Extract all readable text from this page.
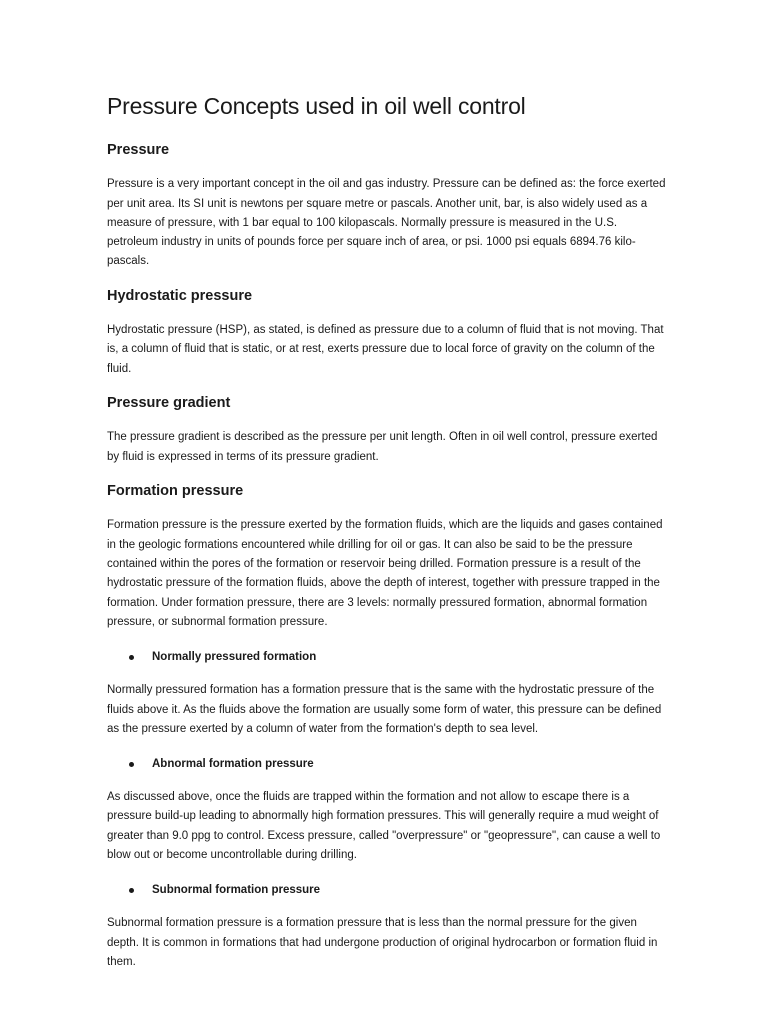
Pressure Concepts used in oil well control
Pressure

Pressure is a very important concept in the oil and gas industry. Pressure can be defined as: the force exerted per unit area. Its SI unit is newtons per square metre or pascals. Another unit, bar, is also widely used as a measure of pressure, with 1 bar equal to 100 kilopascals. Normally pressure is measured in the U.S. petroleum industry in units of pounds force per square inch of area, or psi. 1000 psi equals 6894.76 kilo-pascals.

Hydrostatic pressure

Hydrostatic pressure (HSP), as stated, is defined as pressure due to a column of fluid that is not moving. That is, a column of fluid that is static, or at rest, exerts pressure due to local force of gravity on the column of the fluid.

Pressure gradient

The pressure gradient is described as the pressure per unit length. Often in oil well control, pressure exerted by fluid is expressed in terms of its pressure gradient.

Formation pressure

Formation pressure is the pressure exerted by the formation fluids, which are the liquids and gases contained in the geologic formations encountered while drilling for oil or gas. It can also be said to be the pressure contained within the pores of the formation or reservoir being drilled. Formation pressure is a result of the hydrostatic pressure of the formation fluids, above the depth of interest, together with pressure trapped in the formation. Under formation pressure, there are 3 levels: normally pressured formation, abnormal formation pressure, or subnormal formation pressure.

Normally pressured formation

Normally pressured formation has a formation pressure that is the same with the hydrostatic pressure of the fluids above it. As the fluids above the formation are usually some form of water, this pressure can be defined as the pressure exerted by a column of water from the formation's depth to sea level.

Abnormal formation pressure

As discussed above, once the fluids are trapped within the formation and not allow to escape there is a pressure build-up leading to abnormally high formation pressures. This will generally require a mud weight of greater than 9.0 ppg to control. Excess pressure, called "overpressure" or "geopressure", can cause a well to blow out or become uncontrollable during drilling.

Subnormal formation pressure

Subnormal formation pressure is a formation pressure that is less than the normal pressure for the given depth. It is common in formations that had undergone production of original hydrocarbon or formation fluid in them.
